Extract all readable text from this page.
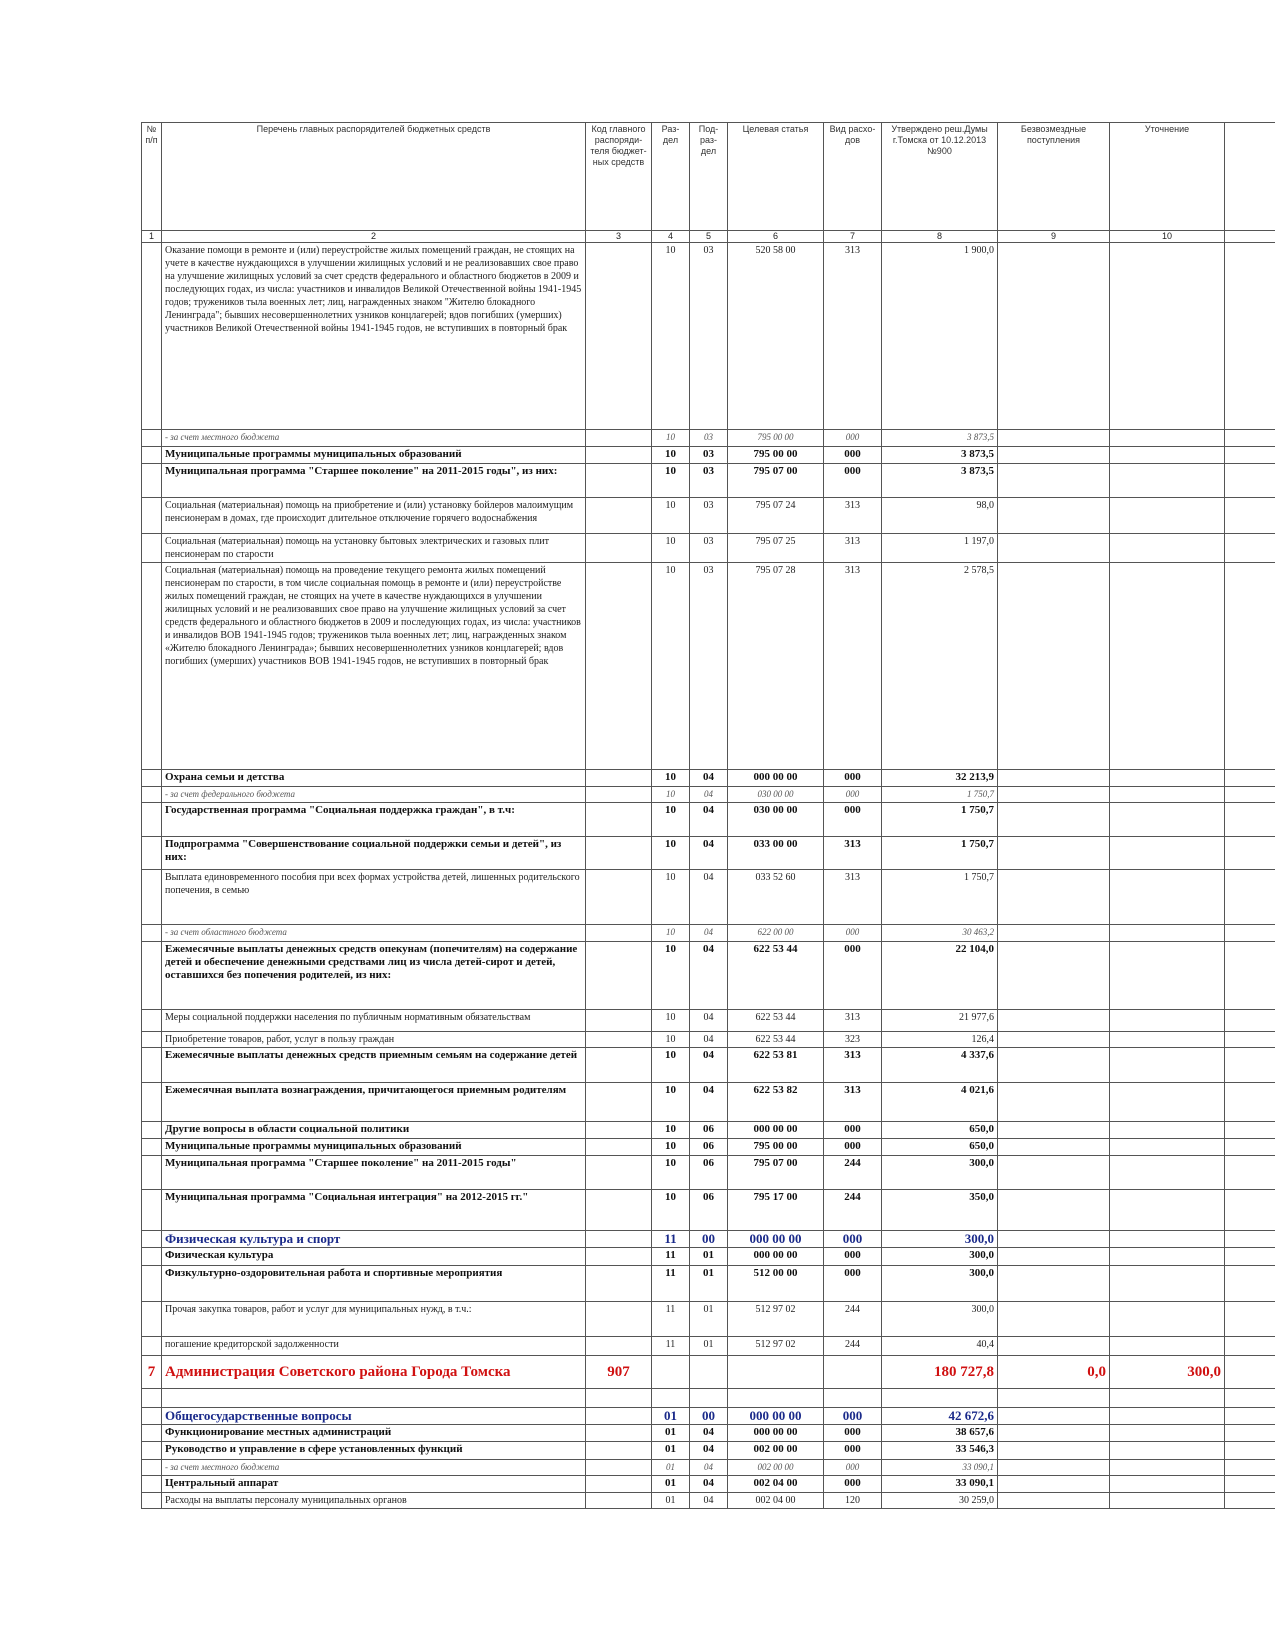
№ п/п	Перечень главных распорядителей бюджетных средств	Код главного распоряди-теля бюджет-ных средств	Раз-дел	Под-раз-дел	Целевая статья	Вид расхо-дов	Утверждено реш.Думы г.Томска от 10.12.2013 №900	Безвозмездные поступления	Уточнение	
1	2	3	4	5	6	7	8	9	10	
	Оказание помощи в ремонте и (или) переустройстве жилых помещений граждан, не стоящих на учете в качестве нуждающихся в улучшении жилищных условий и не реализовавших свое право на улучшение жилищных условий за счет средств федерального и областного бюджетов в 2009 и последующих годах, из числа: участников и инвалидов Великой Отечественной войны 1941-1945 годов; тружеников тыла военных лет; лиц, награжденных знаком "Жителю блокадного Ленинграда"; бывших несовершеннолетних узников концлагерей; вдов погибших (умерших) участников Великой Отечественной войны 1941-1945 годов, не вступивших в повторный брак		10	03	520 58 00	313	1 900,0			
	- за счет местного бюджета		10	03	795 00 00	000	3 873,5			
	Муниципальные программы муниципальных образований		10	03	795 00 00	000	3 873,5			
	Муниципальная программа "Старшее поколение" на 2011-2015 годы", из них:		10	03	795 07 00	000	3 873,5			
	Социальная (материальная) помощь на приобретение и (или) установку бойлеров малоимущим пенсионерам в домах, где происходит длительное отключение горячего водоснабжения		10	03	795 07 24	313	98,0			
	Социальная (материальная) помощь на установку бытовых электрических и газовых плит пенсионерам по старости		10	03	795 07 25	313	1 197,0			
	Социальная (материальная) помощь на проведение текущего ремонта жилых помещений пенсионерам по старости, в том числе социальная помощь в ремонте и (или) переустройстве жилых помещений граждан, не стоящих на учете в качестве нуждающихся в улучшении жилищных условий и не реализовавших свое право на улучшение жилищных условий за счет средств федерального и областного бюджетов в 2009 и последующих годах, из числа: участников и инвалидов ВОВ 1941-1945 годов; тружеников тыла военных лет; лиц, награжденных знаком «Жителю блокадного Ленинграда»; бывших несовершеннолетних узников концлагерей; вдов погибших (умерших) участников ВОВ 1941-1945 годов, не вступивших в повторный брак		10	03	795 07 28	313	2 578,5			
	Охрана семьи и детства		10	04	000 00 00	000	32 213,9			
	- за счет федерального бюджета		10	04	030 00 00	000	1 750,7			
	Государственная программа "Социальная поддержка граждан", в т.ч:		10	04	030 00 00	000	1 750,7			
	Подпрограмма "Совершенствование социальной поддержки семьи и детей", из них:		10	04	033 00 00	313	1 750,7			
	Выплата единовременного пособия при всех формах устройства детей, лишенных родительского попечения, в семью		10	04	033 52 60	313	1 750,7			
	- за счет областного бюджета		10	04	622 00 00	000	30 463,2			
	Ежемесячные выплаты денежных средств опекунам (попечителям) на содержание детей и обеспечение денежными средствами лиц из числа детей-сирот и детей, оставшихся без попечения родителей, из них:		10	04	622 53 44	000	22 104,0			
	Меры социальной поддержки населения по публичным нормативным обязательствам		10	04	622 53 44	313	21 977,6			
	Приобретение товаров, работ, услуг в пользу граждан		10	04	622 53 44	323	126,4			
	Ежемесячные выплаты денежных средств приемным семьям на содержание детей		10	04	622 53 81	313	4 337,6			
	Ежемесячная выплата вознаграждения, причитающегося приемным родителям		10	04	622 53 82	313	4 021,6			
	Другие вопросы в области социальной политики		10	06	000 00 00	000	650,0			
	Муниципальные программы муниципальных образований		10	06	795 00 00	000	650,0			
	Муниципальная программа "Старшее поколение" на 2011-2015 годы"		10	06	795 07 00	244	300,0			
	Муниципальная программа "Социальная интеграция" на 2012-2015 гг."		10	06	795 17 00	244	350,0			
	Физическая культура и спорт		11	00	000 00 00	000	300,0			
	Физическая культура		11	01	000 00 00	000	300,0			
	Физкультурно-оздоровительная работа и спортивные мероприятия		11	01	512 00 00	000	300,0			
	Прочая закупка товаров, работ и услуг для муниципальных нужд, в т.ч.:		11	01	512 97 02	244	300,0			
	погашение кредиторской задолженности		11	01	512 97 02	244	40,4			
7	Администрация Советского района Города Томска	907					180 727,8	0,0	300,0	

	Общегосударственные вопросы		01	00	000 00 00	000	42 672,6			
	Функционирование местных администраций		01	04	000 00 00	000	38 657,6			
	Руководство и управление в сфере установленных функций		01	04	002 00 00	000	33 546,3			
	- за счет местного бюджета		01	04	002 00 00	000	33 090,1			
	Центральный аппарат		01	04	002 04 00	000	33 090,1			
	Расходы на выплаты персоналу муниципальных органов		01	04	002 04 00	120	30 259,0			
